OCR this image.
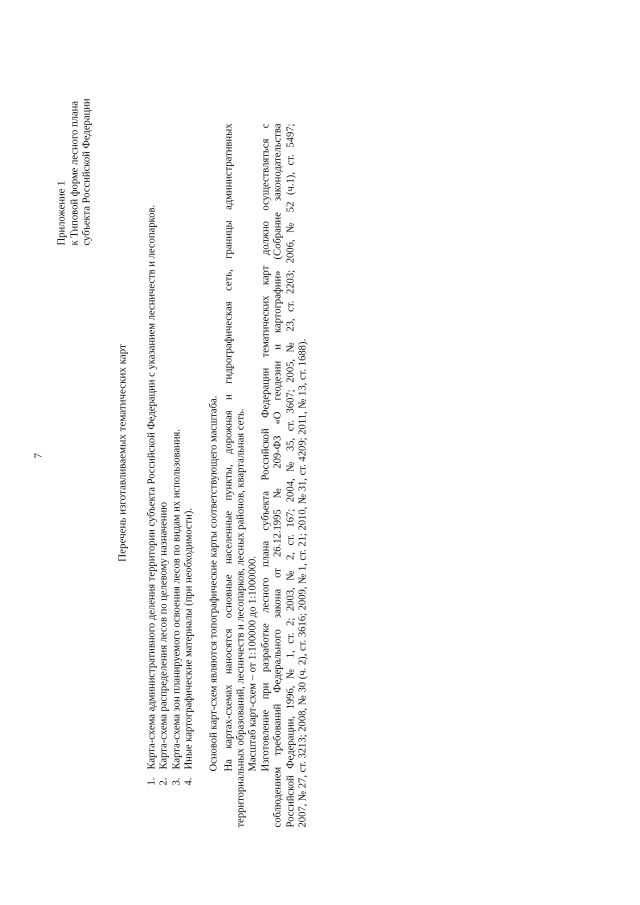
7
Приложение 1 к Типовой форме лесного плана субъекта Российской Федерации
Перечень изготавливаемых тематических карт
1.Карта-схема административного деления территории субъекта Российской Федерации с указанием лесничеств и лесопарков.
2.Карта-схема распределения лесов по целевому назначению
3.Карта-схема зон планируемого освоения лесов по видам их использования.
4.Иные картографические материалы (при необходимости). Основой карт-схем являются топографические карты соответствующего масштаба. На картах-схемах наносятся основные населенные пункты, дорожная и гидрографическая сеть, границы административных территориальных образований, лесничеств и лесопарков, лесных районов, квартальная сеть. Масштаб карт-схем – от 1:100000 до 1:1000000. Изготовление при разработке лесного плана субъекта Российской Федерации тематических карт должно осуществляться с соблюдением требований Федерального закона от 26.12.1995 № 209-ФЗ «О геодезии и картографии» (Собрание законодательства Российской Федерации, 1996, № 1, ст. 2; 2003, № 2, ст. 167; 2004, № 35, ст. 3607; 2005, № 23, ст. 2203; 2006, № 52 (ч.1), ст. 5497; 2007, № 27, ст. 3213; 2008, № 30 (ч. 2), ст. 3616; 2009, № 1, ст. 21; 2010, № 31, ст. 4209; 2011, № 13, ст. 1688).
